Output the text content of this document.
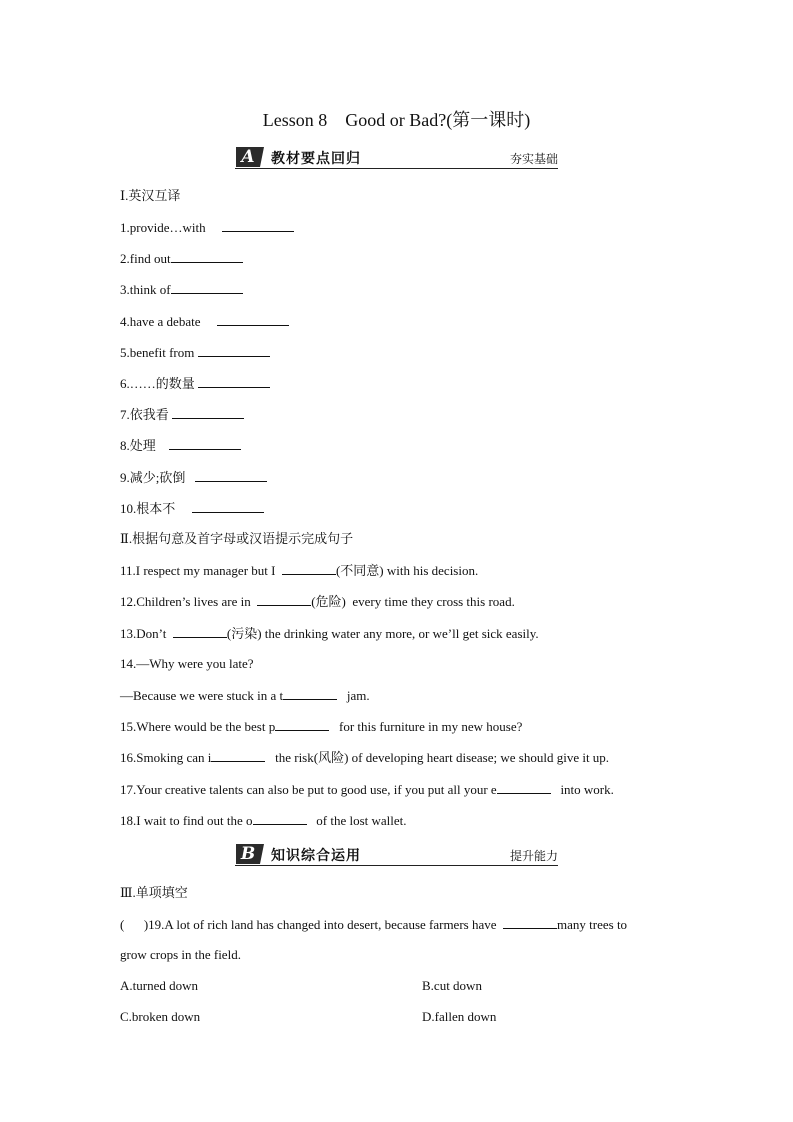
Lesson 8    Good or Bad?(第一课时)
A	教材要点回归	夯实基础
Ⅰ.英汉互译
1.provide…with
2.find out
3.think of
4.have a debate
5.benefit from
6.……的数量
7.依我看
8.处理
9.减少;砍倒
10.根本不
Ⅱ.根据句意及首字母或汉语提示完成句子
11.I respect my manager but I	(不同意) with his decision.
12.Children’s lives are in	(危险)  every time they cross this road.
13.Don’t	(污染) the drinking water any more, or we’ll get sick easily.
14.—Why were you late?
—Because we were stuck in a t	jam.
15.Where would be the best p	for this furniture in my new house?
16.Smoking can i	the risk(风险) of developing heart disease; we should give it up.
17.Your creative talents can also be put to good use, if you put all your e	into work.
18.I wait to find out the o	of the lost wallet.
B	知识综合运用	提升能力
Ⅲ.单项填空
(      )19.A lot of rich land has changed into desert, because farmers have	many trees to
grow crops in the field.
A.turned down	B.cut down
C.broken down	D.fallen down
